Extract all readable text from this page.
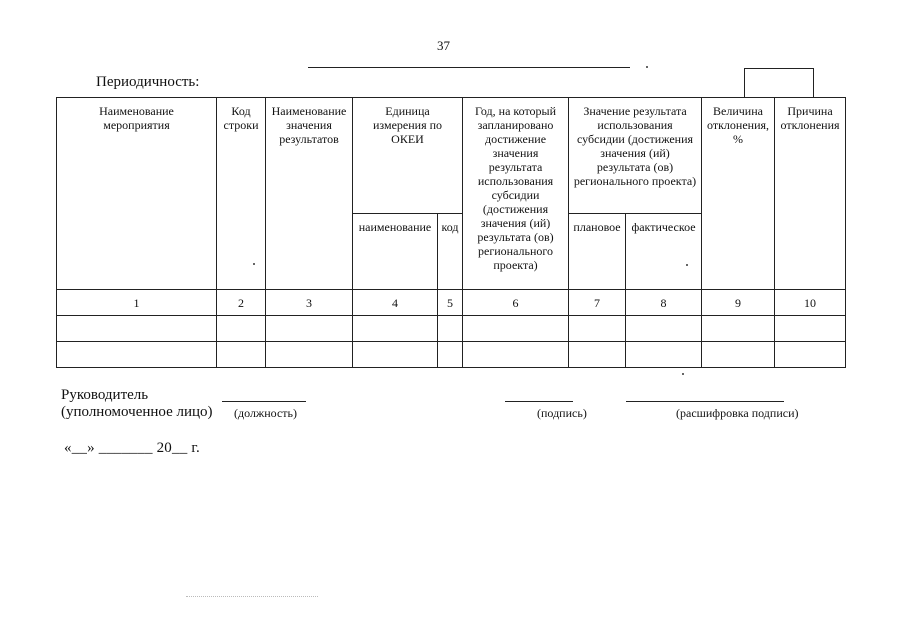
37
Периодичность:
Наименование мероприятия	Код строки	Наименование значения результатов	Единица измерения по ОКЕИ		Год, на который запланировано достижение значения результата использования субсидии (достижения значения (ий) результата (ов) регионального проекта)	Значение результата использования субсидии (достижения значения (ий) результата (ов) регионального проекта)		Величина отклонения, %	Причина отклонения

			наименование	код		плановое	фактическое		

1	2	3	4	5	6	7	8	9	10

Руководитель
(уполномоченное лицо) (должность)	(подпись)	(расшифровка подписи)
«__» _______ 20__ г.
